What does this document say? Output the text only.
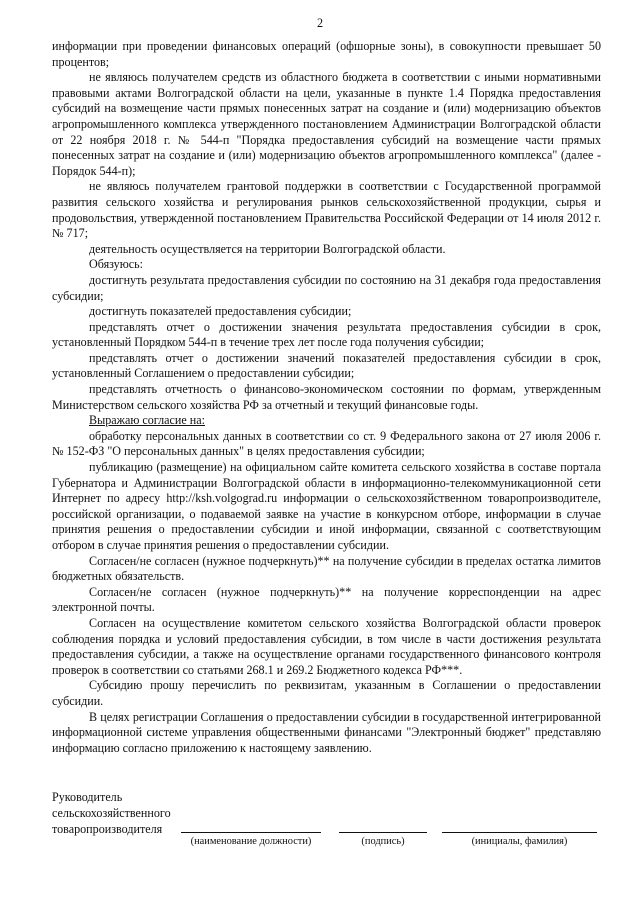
2

информации при проведении финансовых операций (офшорные зоны), в совокупности превышает 50 процентов;

не являюсь получателем средств из областного бюджета в соответствии с иными нормативными правовыми актами Волгоградской области на цели, указанные в пункте 1.4 Порядка предоставления субсидий на возмещение части прямых понесенных затрат на создание и (или) модернизацию объектов агропромышленного комплекса утвержденного постановлением Администрации Волгоградской области от 22 ноября 2018 г. № 544-п "Порядка предоставления субсидий на возмещение части прямых понесенных затрат на создание и (или) модернизацию объектов агропромышленного комплекса" (далее - Порядок 544-п);

не являюсь получателем грантовой поддержки в соответствии с Государственной программой развития сельского хозяйства и регулирования рынков сельскохозяйственной продукции, сырья и продовольствия, утвержденной постановлением Правительства Российской Федерации от 14 июля 2012 г. № 717;

деятельность осуществляется на территории Волгоградской области.

Обязуюсь:

достигнуть результата предоставления субсидии по состоянию на 31 декабря года предоставления субсидии;

достигнуть показателей предоставления субсидии;

представлять отчет о достижении значения результата предоставления субсидии в срок, установленный Порядком 544-п в течение трех лет после года получения субсидии;

представлять отчет о достижении значений показателей предоставления субсидии в срок, установленный Соглашением о предоставлении субсидии;

представлять отчетность о финансово-экономическом состоянии по формам, утвержденным Министерством сельского хозяйства РФ за отчетный и текущий финансовые годы.

Выражаю согласие на:

обработку персональных данных в соответствии со ст. 9 Федерального закона от 27 июля 2006 г. № 152-ФЗ "О персональных данных" в целях предоставления субсидии;

публикацию (размещение) на официальном сайте комитета сельского хозяйства в составе портала Губернатора и Администрации Волгоградской области в информационно-телекоммуникационной сети Интернет по адресу http://ksh.volgograd.ru информации о сельскохозяйственном товаропроизводителе, российской организации, о подаваемой заявке на участие в конкурсном отборе, информации в случае принятия решения о предоставлении субсидии и иной информации, связанной с соответствующим отбором в случае принятия решения о предоставлении субсидии.

Согласен/не согласен (нужное подчеркнуть)** на получение субсидии в пределах остатка лимитов бюджетных обязательств.

Согласен/не согласен (нужное подчеркнуть)** на получение корреспонденции на адрес электронной почты.

Согласен на осуществление комитетом сельского хозяйства Волгоградской области проверок соблюдения порядка и условий предоставления субсидии, в том числе в части достижения результата предоставления субсидии, а также на осуществление органами государственного финансового контроля проверок в соответствии со статьями 268.1 и 269.2 Бюджетного кодекса РФ***.

Субсидию прошу перечислить по реквизитам, указанным в Соглашении о предоставлении субсидии.

В целях регистрации Соглашения о предоставлении субсидии в государственной интегрированной информационной системе управления общественными финансами "Электронный бюджет" представляю информацию согласно приложению к настоящему заявлению.

Руководитель
сельскохозяйственного
товаропроизводителя
(наименование должности)	(подпись)	(инициалы, фамилия)
